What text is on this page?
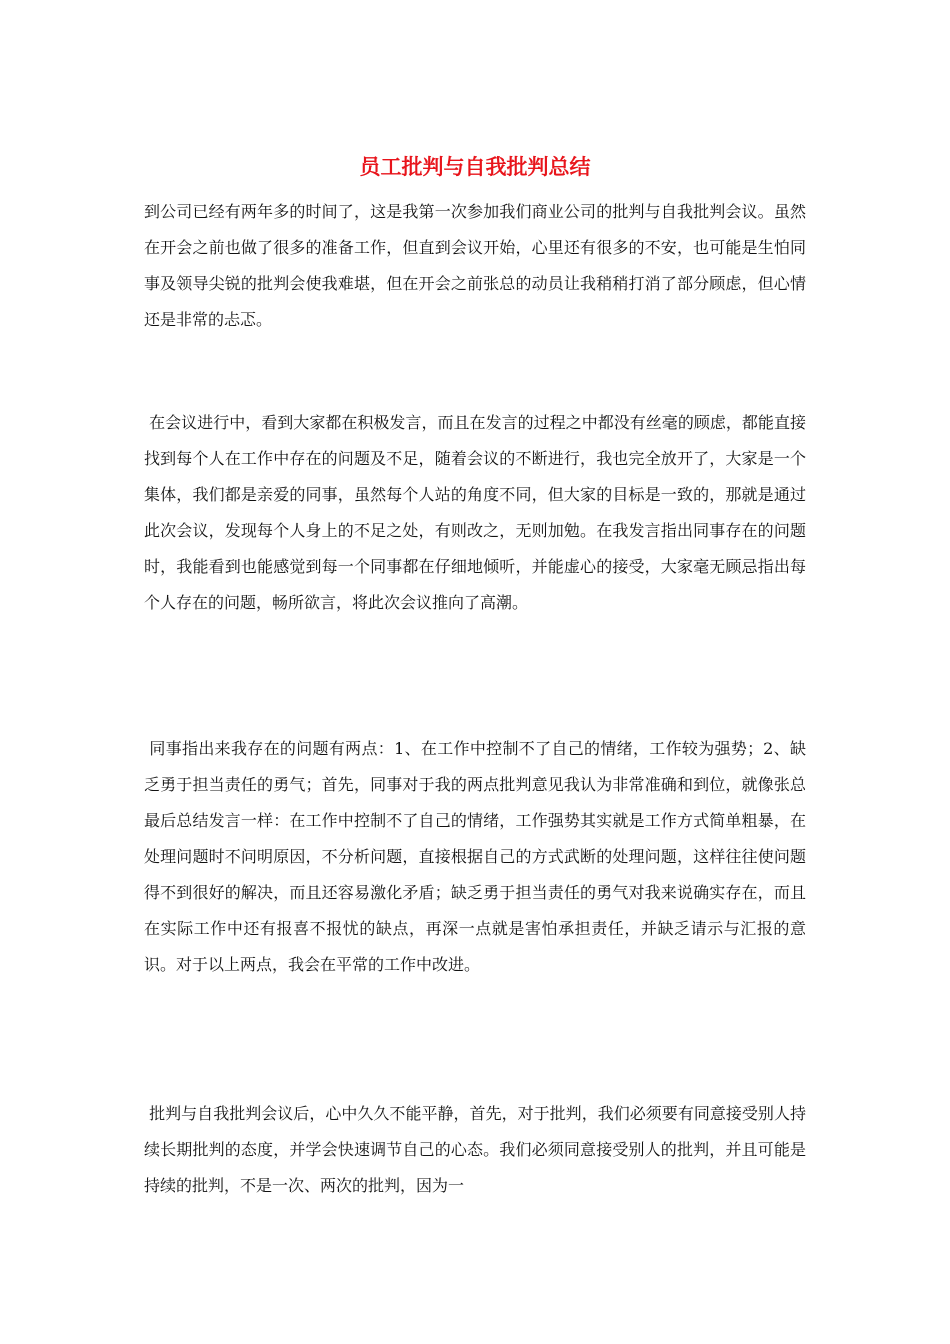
员工批判与自我批判总结

到公司已经有两年多的时间了，这是我第一次参加我们商业公司的批判与自我批判会议。虽然在开会之前也做了很多的准备工作，但直到会议开始，心里还有很多的不安，也可能是生怕同事及领导尖锐的批判会使我难堪，但在开会之前张总的动员让我稍稍打消了部分顾虑，但心情还是非常的忐忑。

在会议进行中，看到大家都在积极发言，而且在发言的过程之中都没有丝毫的顾虑，都能直接找到每个人在工作中存在的问题及不足，随着会议的不断进行，我也完全放开了，大家是一个集体，我们都是亲爱的同事，虽然每个人站的角度不同，但大家的目标是一致的，那就是通过此次会议，发现每个人身上的不足之处，有则改之，无则加勉。在我发言指出同事存在的问题时，我能看到也能感觉到每一个同事都在仔细地倾听，并能虚心的接受，大家毫无顾忌指出每个人存在的问题，畅所欲言，将此次会议推向了高潮。

同事指出来我存在的问题有两点：1、在工作中控制不了自己的情绪，工作较为强势；2、缺乏勇于担当责任的勇气；首先，同事对于我的两点批判意见我认为非常准确和到位，就像张总最后总结发言一样：在工作中控制不了自己的情绪，工作强势其实就是工作方式简单粗暴，在处理问题时不问明原因，不分析问题，直接根据自己的方式武断的处理问题，这样往往使问题得不到很好的解决，而且还容易激化矛盾；缺乏勇于担当责任的勇气对我来说确实存在，而且在实际工作中还有报喜不报忧的缺点，再深一点就是害怕承担责任，并缺乏请示与汇报的意识。对于以上两点，我会在平常的工作中改进。

批判与自我批判会议后，心中久久不能平静，首先，对于批判，我们必须要有同意接受别人持续长期批判的态度，并学会快速调节自己的心态。我们必须同意接受别人的批判，并且可能是持续的批判，不是一次、两次的批判，因为一
